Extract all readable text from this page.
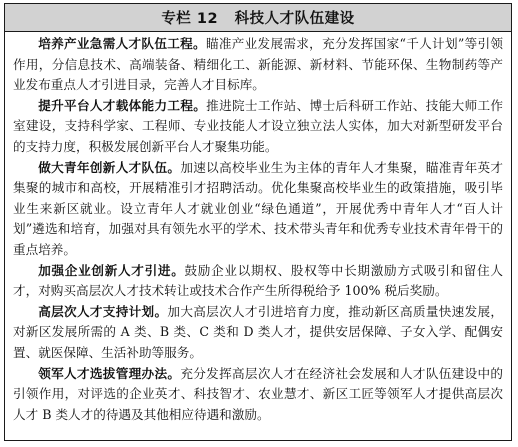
专栏 12   科技人才队伍建设

培养产业急需人才队伍工程。瞄准产业发展需求，充分发挥国家“千人计划”等引领作用，分信息技术、高端装备、精细化工、新能源、新材料、节能环保、生物制药等产业发布重点人才引进目录，完善人才目标库。

提升平台人才载体能力工程。推进院士工作站、博士后科研工作站、技能大师工作室建设，支持科学家、工程师、专业技能人才设立独立法人实体，加大对新型研发平台的支持力度，积极发展创新平台人才聚集功能。

做大青年创新人才队伍。加速以高校毕业生为主体的青年人才集聚，瞄准青年英才集聚的城市和高校，开展精准引才招聘活动。优化集聚高校毕业生的政策措施，吸引毕业生来新区就业。设立青年人才就业创业“绿色通道”，开展优秀中青年人才“百人计划”遴选和培育，加强对具有领先水平的学术、技术带头青年和优秀专业技术青年骨干的重点培养。

加强企业创新人才引进。鼓励企业以期权、股权等中长期激励方式吸引和留住人才，对购买高层次人才技术转让或技术合作产生所得税给予 100% 税后奖励。

高层次人才支持计划。加大高层次人才引进培育力度，推动新区高质量快速发展，对新区发展所需的 A 类、B 类、C 类和 D 类人才，提供安居保障、子女入学、配偶安置、就医保障、生活补助等服务。

领军人才选拔管理办法。充分发挥高层次人才在经济社会发展和人才队伍建设中的引领作用，对评选的企业英才、科技智才、农业慧才、新区工匠等领军人才提供高层次人才 B 类人才的待遇及其他相应待遇和激励。
